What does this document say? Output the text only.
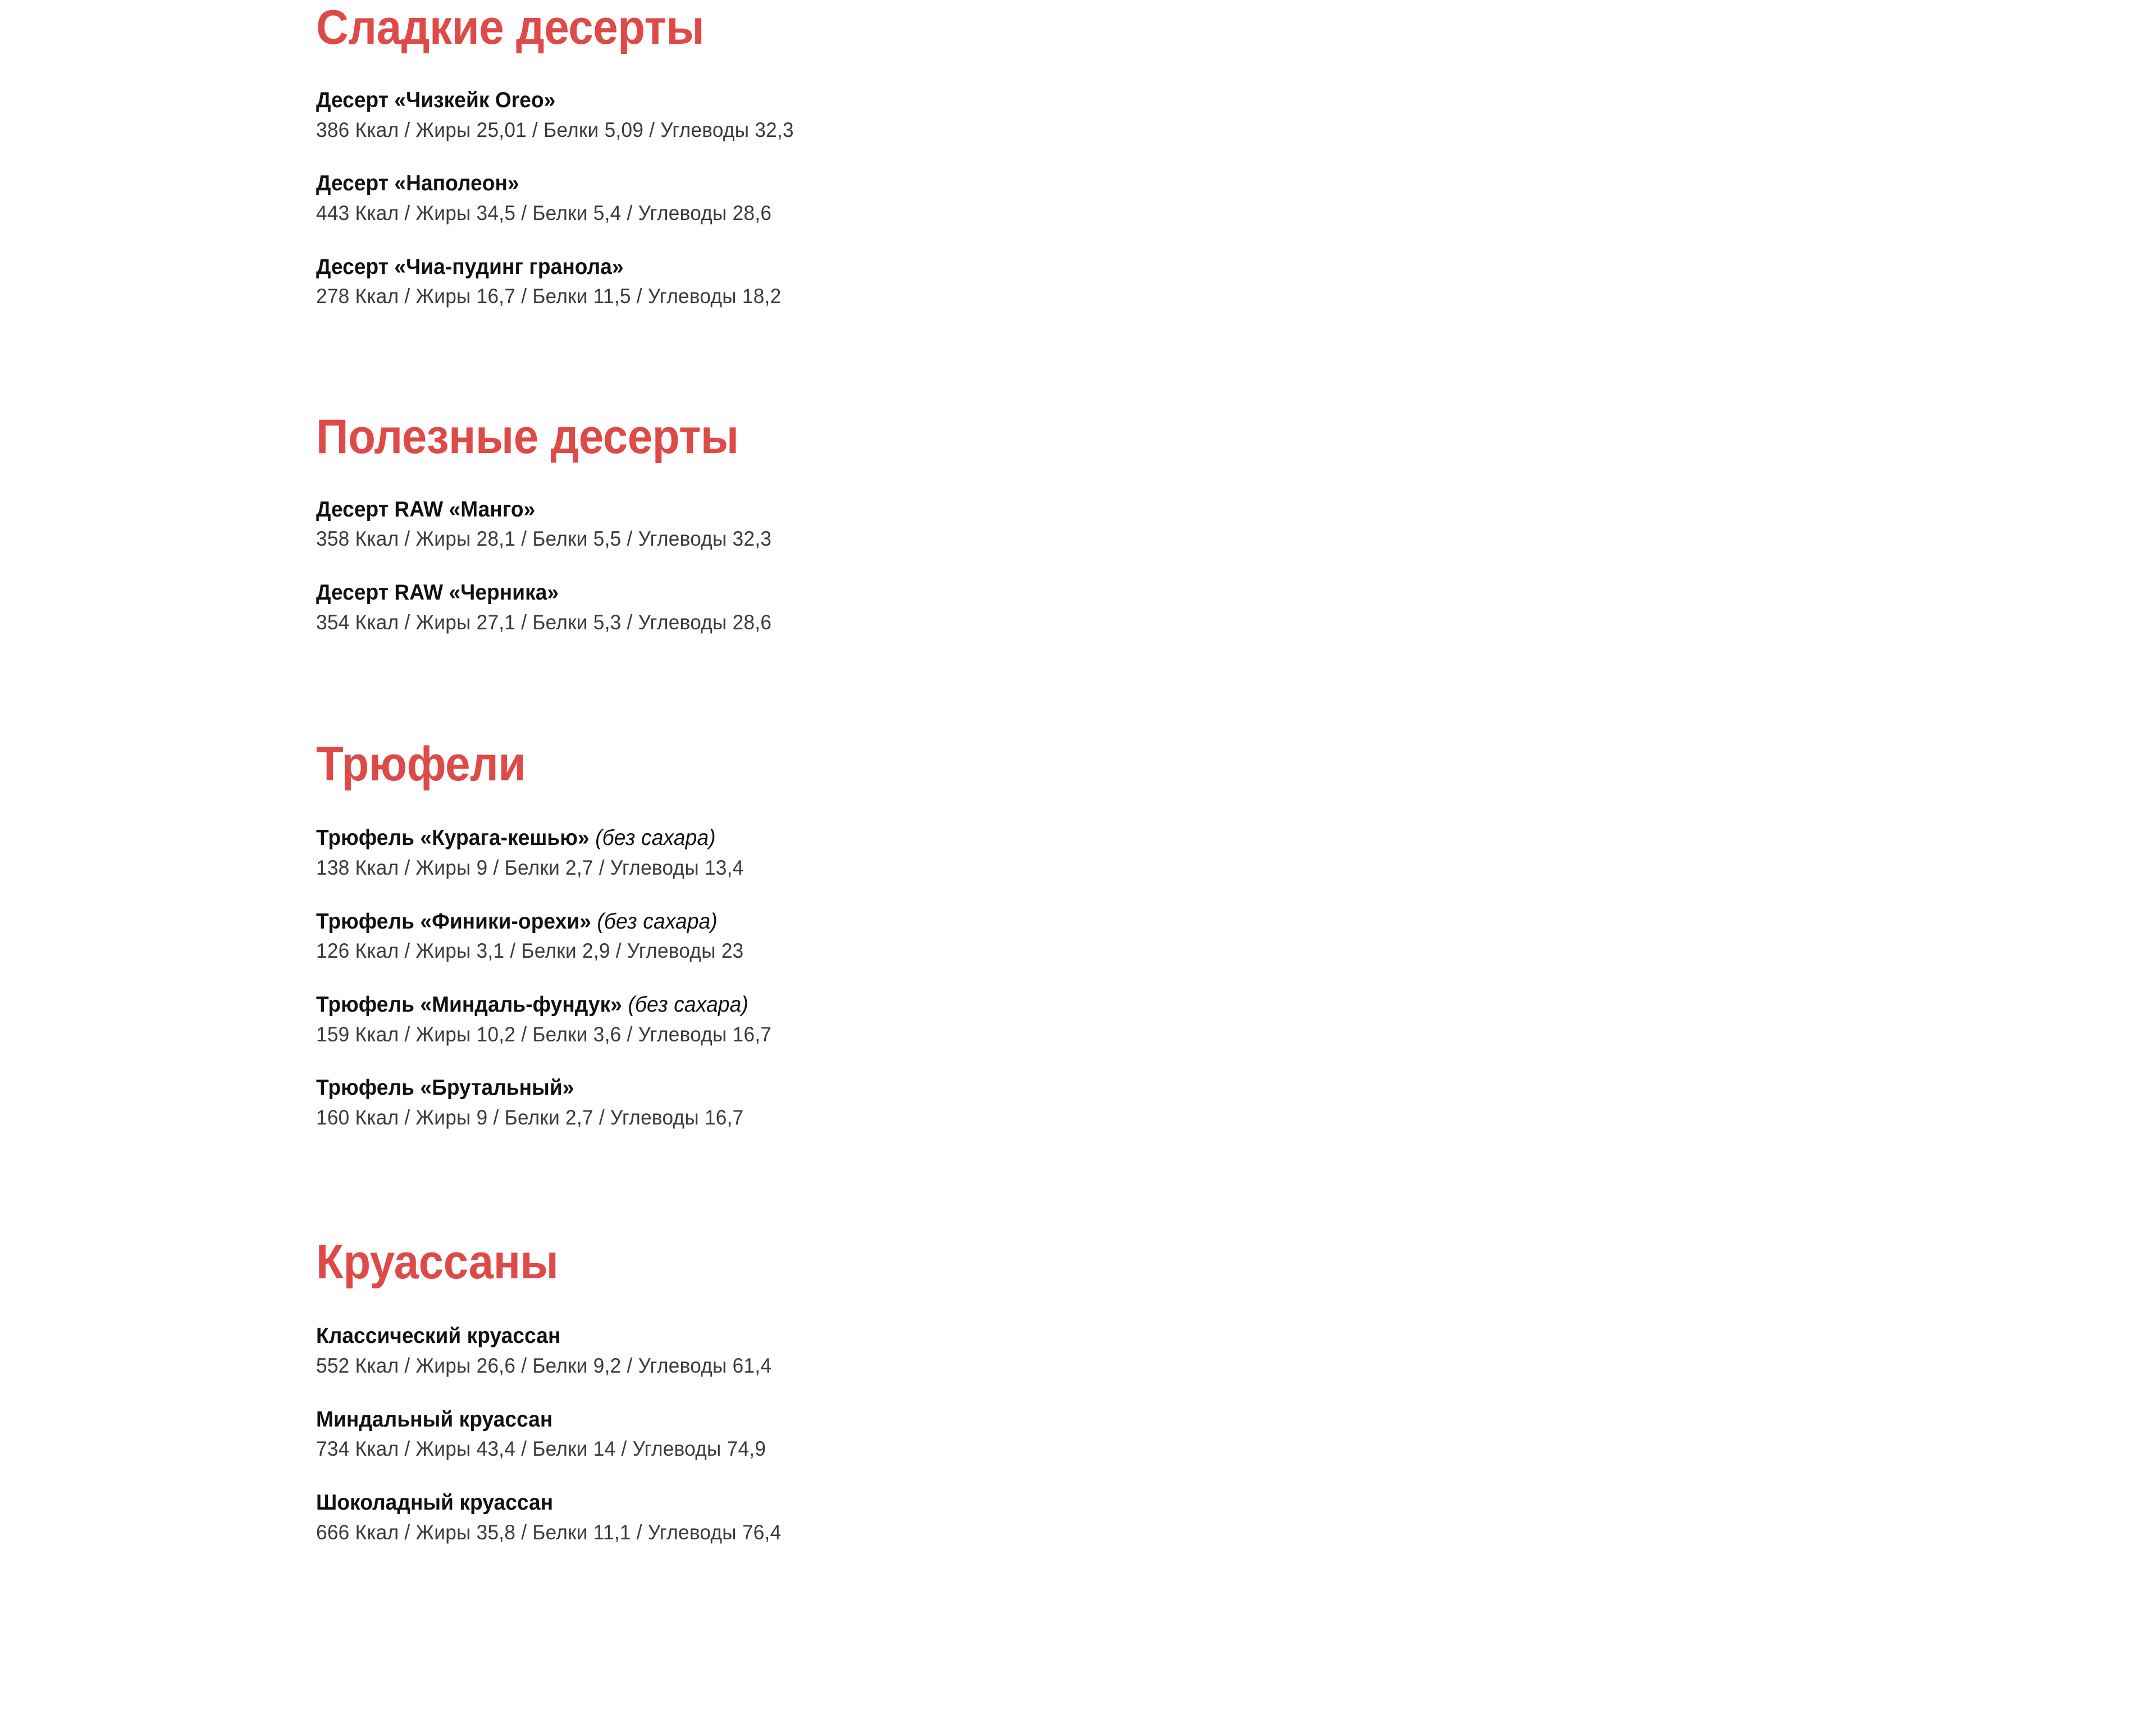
Сладкие десерты
Десерт «Чизкейк Oreo»
386 Ккал / Жиры 25,01 / Белки 5,09 / Углеводы 32,3
Десерт «Наполеон»
443 Ккал / Жиры 34,5 / Белки 5,4 / Углеводы 28,6
Десерт «Чиа-пудинг гранола»
278 Ккал / Жиры 16,7 / Белки 11,5 / Углеводы 18,2
Полезные десерты
Десерт RAW «Манго»
358 Ккал / Жиры 28,1 / Белки 5,5 / Углеводы 32,3
Десерт RAW «Черника»
354 Ккал / Жиры 27,1 / Белки 5,3 / Углеводы 28,6
Трюфели
Трюфель «Курага-кешью» (без сахара)
138 Ккал / Жиры 9 / Белки 2,7 / Углеводы 13,4
Трюфель «Финики-орехи» (без сахара)
126 Ккал / Жиры 3,1 / Белки 2,9 / Углеводы 23
Трюфель «Миндаль-фундук» (без сахара)
159 Ккал / Жиры 10,2 / Белки 3,6 / Углеводы 16,7
Трюфель «Брутальный»
160 Ккал / Жиры 9 / Белки 2,7 / Углеводы 16,7
Круассаны
Классический круассан
552 Ккал / Жиры 26,6 / Белки 9,2 / Углеводы 61,4
Миндальный круассан
734 Ккал / Жиры 43,4 / Белки 14 / Углеводы 74,9
Шоколадный круассан
666 Ккал / Жиры 35,8 / Белки 11,1 / Углеводы 76,4
